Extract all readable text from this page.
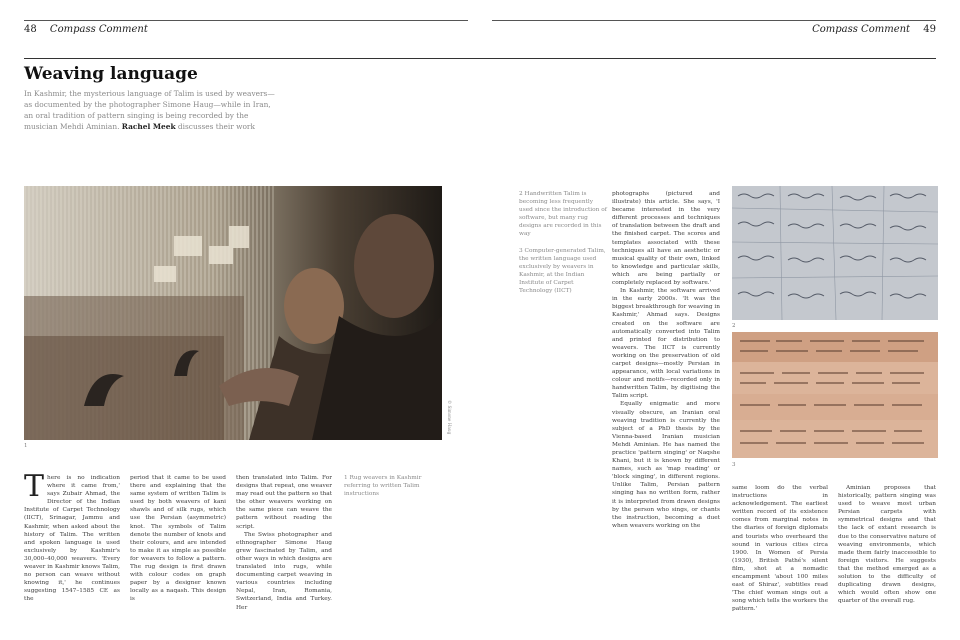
48 Compass Comment	Compass Comment 49
Weaving language
In Kashmir, the mysterious language of Talim is used by weavers— as documented by the photographer Simone Haug—while in Iran, an oral tradition of pattern singing is being recorded by the musician Mehdi Aminian. Rachel Meek discusses their work
1
© Simone Haug
1 Rug weavers in Kashmir referring to written Talim instructions

2 Handwritten Talim is becoming less frequently used since the introduction of software, but many rug designs are recorded in this way

3 Computer-generated Talim, the written language used exclusively by weavers in Kashmir, at the Indian Institute of Carpet Technology (IICT)

T here is no indication where it came from,' says Zubair Ahmad, the Director of the Indian Institute of Carpet Technology (IICT), Srinagar, Jammu and Kashmir, when asked about the history of Talim. The written and spoken language is used exclusively by Kashmir's 30,000–40,000 weavers. 'Every weaver in Kashmir knows Talim, no person can weave without knowing it,' he continues suggesting 1547–1585 CE as the
period that it came to be used there and explaining that the same system of written Talim is used by both weavers of kani shawls and of silk rugs, which use the Persian (asymmetric) knot. The symbols of Talim denote the number of knots and their colours, and are intended to make it as simple as possible for weavers to follow a pattern. The rug design is first drawn with colour codes on graph paper by a designer known locally as a naqash. This design is

then translated into Talim. For designs that repeat, one weaver may read out the pattern so that the other weavers working on the same piece can weave the pattern without reading the script.

The Swiss photographer and ethnographer Simone Haug grew fascinated by Talim, and other ways in which designs are translated into rugs, while documenting carpet weaving in various countries including Nepal, Iran, Romania, Switzerland, India and Turkey. Her

photographs (pictured and illustrate) this article. She says, 'I became interested in the very different processes and techniques of translation between the draft and the finished carpet. The scores and templates associated with these techniques all have an aesthetic or musical quality of their own, linked to knowledge and particular skills, which are being partially or completely replaced by software.'

In Kashmir, the software arrived in the early 2000s. 'It was the biggest breakthrough for weaving in Kashmir,' Ahmad says. Designs created on the software are automatically converted into Talim and printed for distribution to weavers. The IICT is currently working on the preservation of old carpet designs—mostly Persian in appearance, with local variations in colour and motifs—recorded only in handwritten Talim, by digitising the Talim script.

Equally enigmatic and more visually obscure, an Iranian oral weaving tradition is currently the subject of a PhD thesis by the Vienna-based Iranian musician Mehdi Aminian. He has named the practice 'pattern singing' or Naqshe Khani, but it is known by different names, such as 'map reading' or 'block singing', in different regions. Unlike Talim, Persian pattern singing has no written form, rather it is interpreted from drawn designs by the person who sings, or chants the instruction, becoming a duet when weavers working on the

2
3
same loom do the verbal instructions in acknowledgement. The earliest written record of its existence comes from marginal notes in the diaries of foreign diplomats and tourists who overheard the sound in various cities circa 1900. In Women of Persia (1930), British Pathé's silent film, shot at a nomadic encampment 'about 100 miles east of Shiraz', subtitles read 'The chief woman sings out a song which tells the workers the pattern.'
Aminian proposes that historically, pattern singing was used to weave most urban Persian carpets with symmetrical designs and that the lack of extant research is due to the conservative nature of weaving environments, which made them fairly inaccessible to foreign visitors. He suggests that the method emerged as a solution to the difficulty of duplicating drawn designs, which would often show one quarter of the overall rug.
